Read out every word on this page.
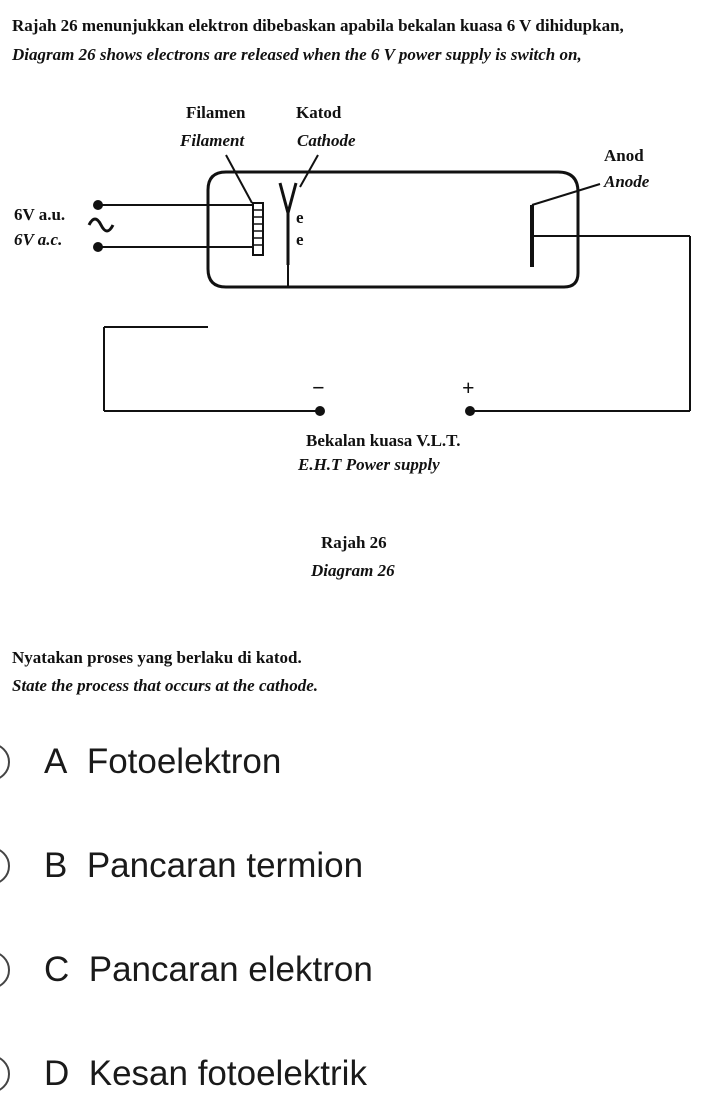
Rajah 26 menunjukkan elektron dibebaskan apabila bekalan kuasa 6 V dihidupkan,
Diagram 26 shows electrons are released when the 6 V power supply is switch on,
Filamen
Filament
Katod
Cathode
Anod
Anode
6V a.u.
6V a.c.
e
e
−	+
Bekalan kuasa V.L.T.
E.H.T Power supply
Rajah 26
Diagram 26
Nyatakan proses yang berlaku di katod.
State the process that occurs at the cathode.
A Fotoelektron
B Pancaran termion
C Pancaran elektron
D Kesan fotoelektrik
